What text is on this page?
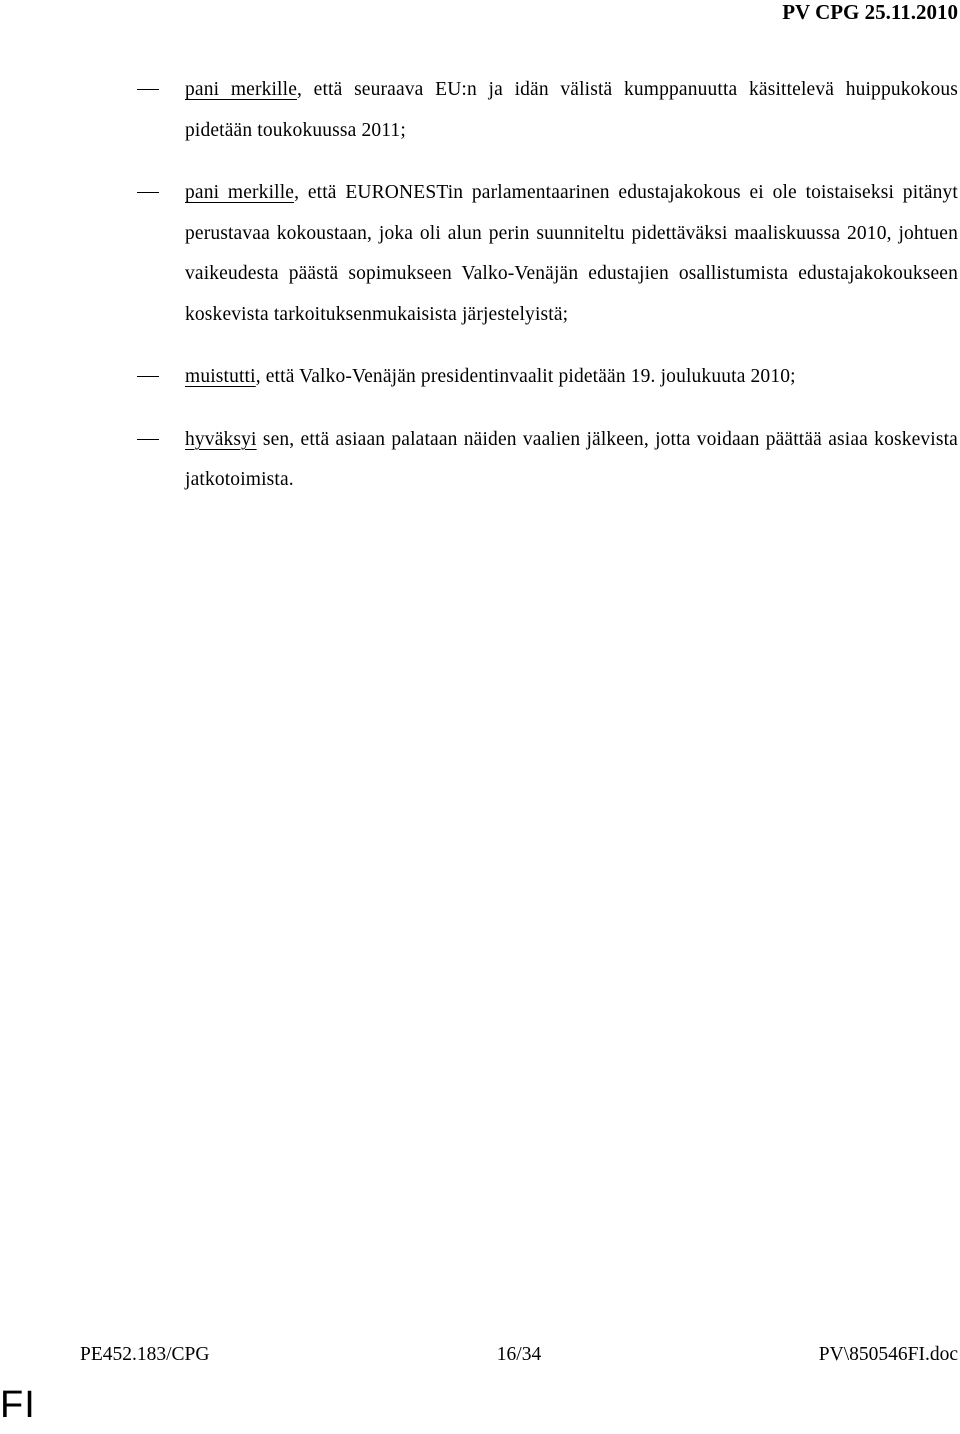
PV CPG 25.11.2010

pani merkille, että seuraava EU:n ja idän välistä kumppanuutta käsittelevä huippukokous pidetään toukokuussa 2011;

pani merkille, että EURONESTin parlamentaarinen edustajakokous ei ole toistaiseksi pitänyt perustavaa kokoustaan, joka oli alun perin suunniteltu pidettäväksi maaliskuussa 2010, johtuen vaikeudesta päästä sopimukseen Valko-Venäjän edustajien osallistumista edustajakokoukseen koskevista tarkoituksenmukaisista järjestelyistä;

muistutti, että Valko-Venäjän presidentinvaalit pidetään 19. joulukuuta 2010;

hyväksyi sen, että asiaan palataan näiden vaalien jälkeen, jotta voidaan päättää asiaa koskevista jatkotoimista.

PE452.183/CPG	16/34	PV\850546FI.doc
FI
